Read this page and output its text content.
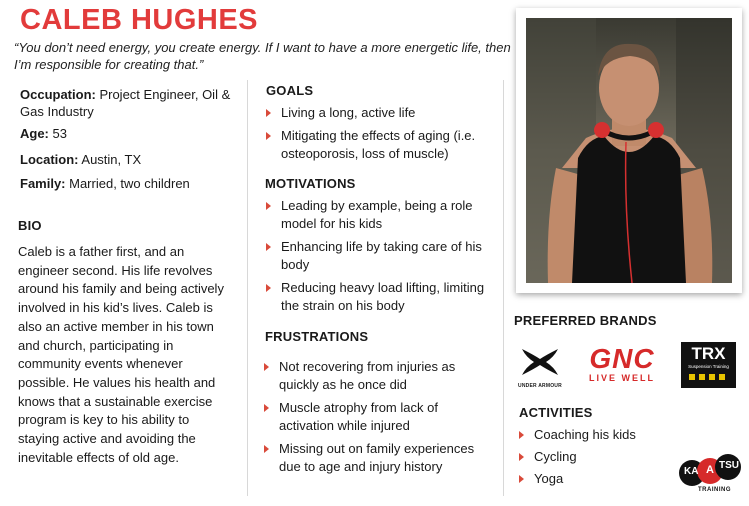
CALEB HUGHES
“You don’t need energy, you create energy. If I want to have a more energetic life, then I’m responsible for creating that.”
Occupation: Project Engineer, Oil & Gas Industry
Age: 53
Location: Austin, TX
Family: Married, two children
BIO
Caleb is a father first, and an engineer second. His life revolves around his family and being actively involved in his kid’s lives. Caleb is also an active member in his town and church, participating in community events whenever possible. He values his health and knows that a sustainable exercise program is key to his ability to staying active and avoiding the inevitable effects of old age.
GOALS
Living a long, active life
Mitigating the effects of aging (i.e. osteoporosis, loss of muscle)
MOTIVATIONS
Leading by example, being a role model for his kids
Enhancing life by taking care of his body
Reducing heavy load lifting, limiting the strain on his body
FRUSTRATIONS
Not recovering from injuries as quickly as he once did
Muscle atrophy from lack of activation while injured
Missing out on family experiences due to age and injury history
PREFERRED BRANDS
UNDER ARMOUR
GNC
LIVE WELL
TRX
Suspension Training
ACTIVITIES
Coaching his kids
Cycling
Yoga	KA A TSU
TRAINING
